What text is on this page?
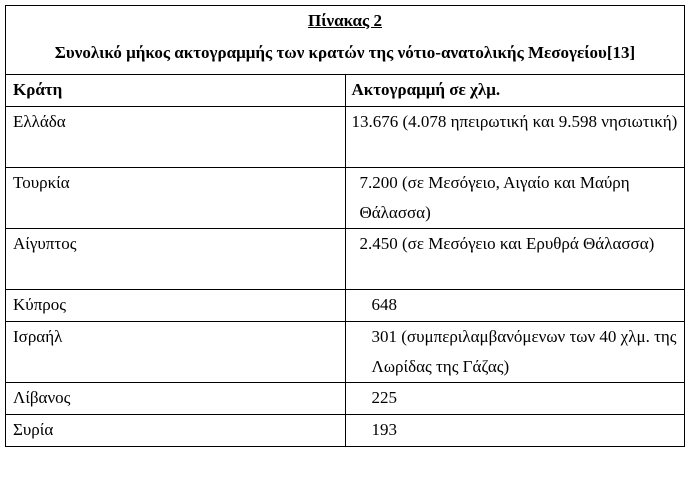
Πίνακας 2
Συνολικό μήκος ακτογραμμής των κρατών της νότιο-ανατολικής Μεσογείου[13]	

Κράτη	Ακτογραμμή σε χλμ.
Ελλάδα	13.676 (4.078 ηπειρωτική και 9.598 νησιωτική)
Τουρκία	7.200 (σε Μεσόγειο, Αιγαίο και Μαύρη Θάλασσα)
Αίγυπτος	2.450 (σε Μεσόγειο και Ερυθρά Θάλασσα)
Κύπρος	648
Ισραήλ	301 (συμπεριλαμβανόμενων των 40 χλμ. της Λωρίδας της Γάζας)
Λίβανος	225
Συρία	193
